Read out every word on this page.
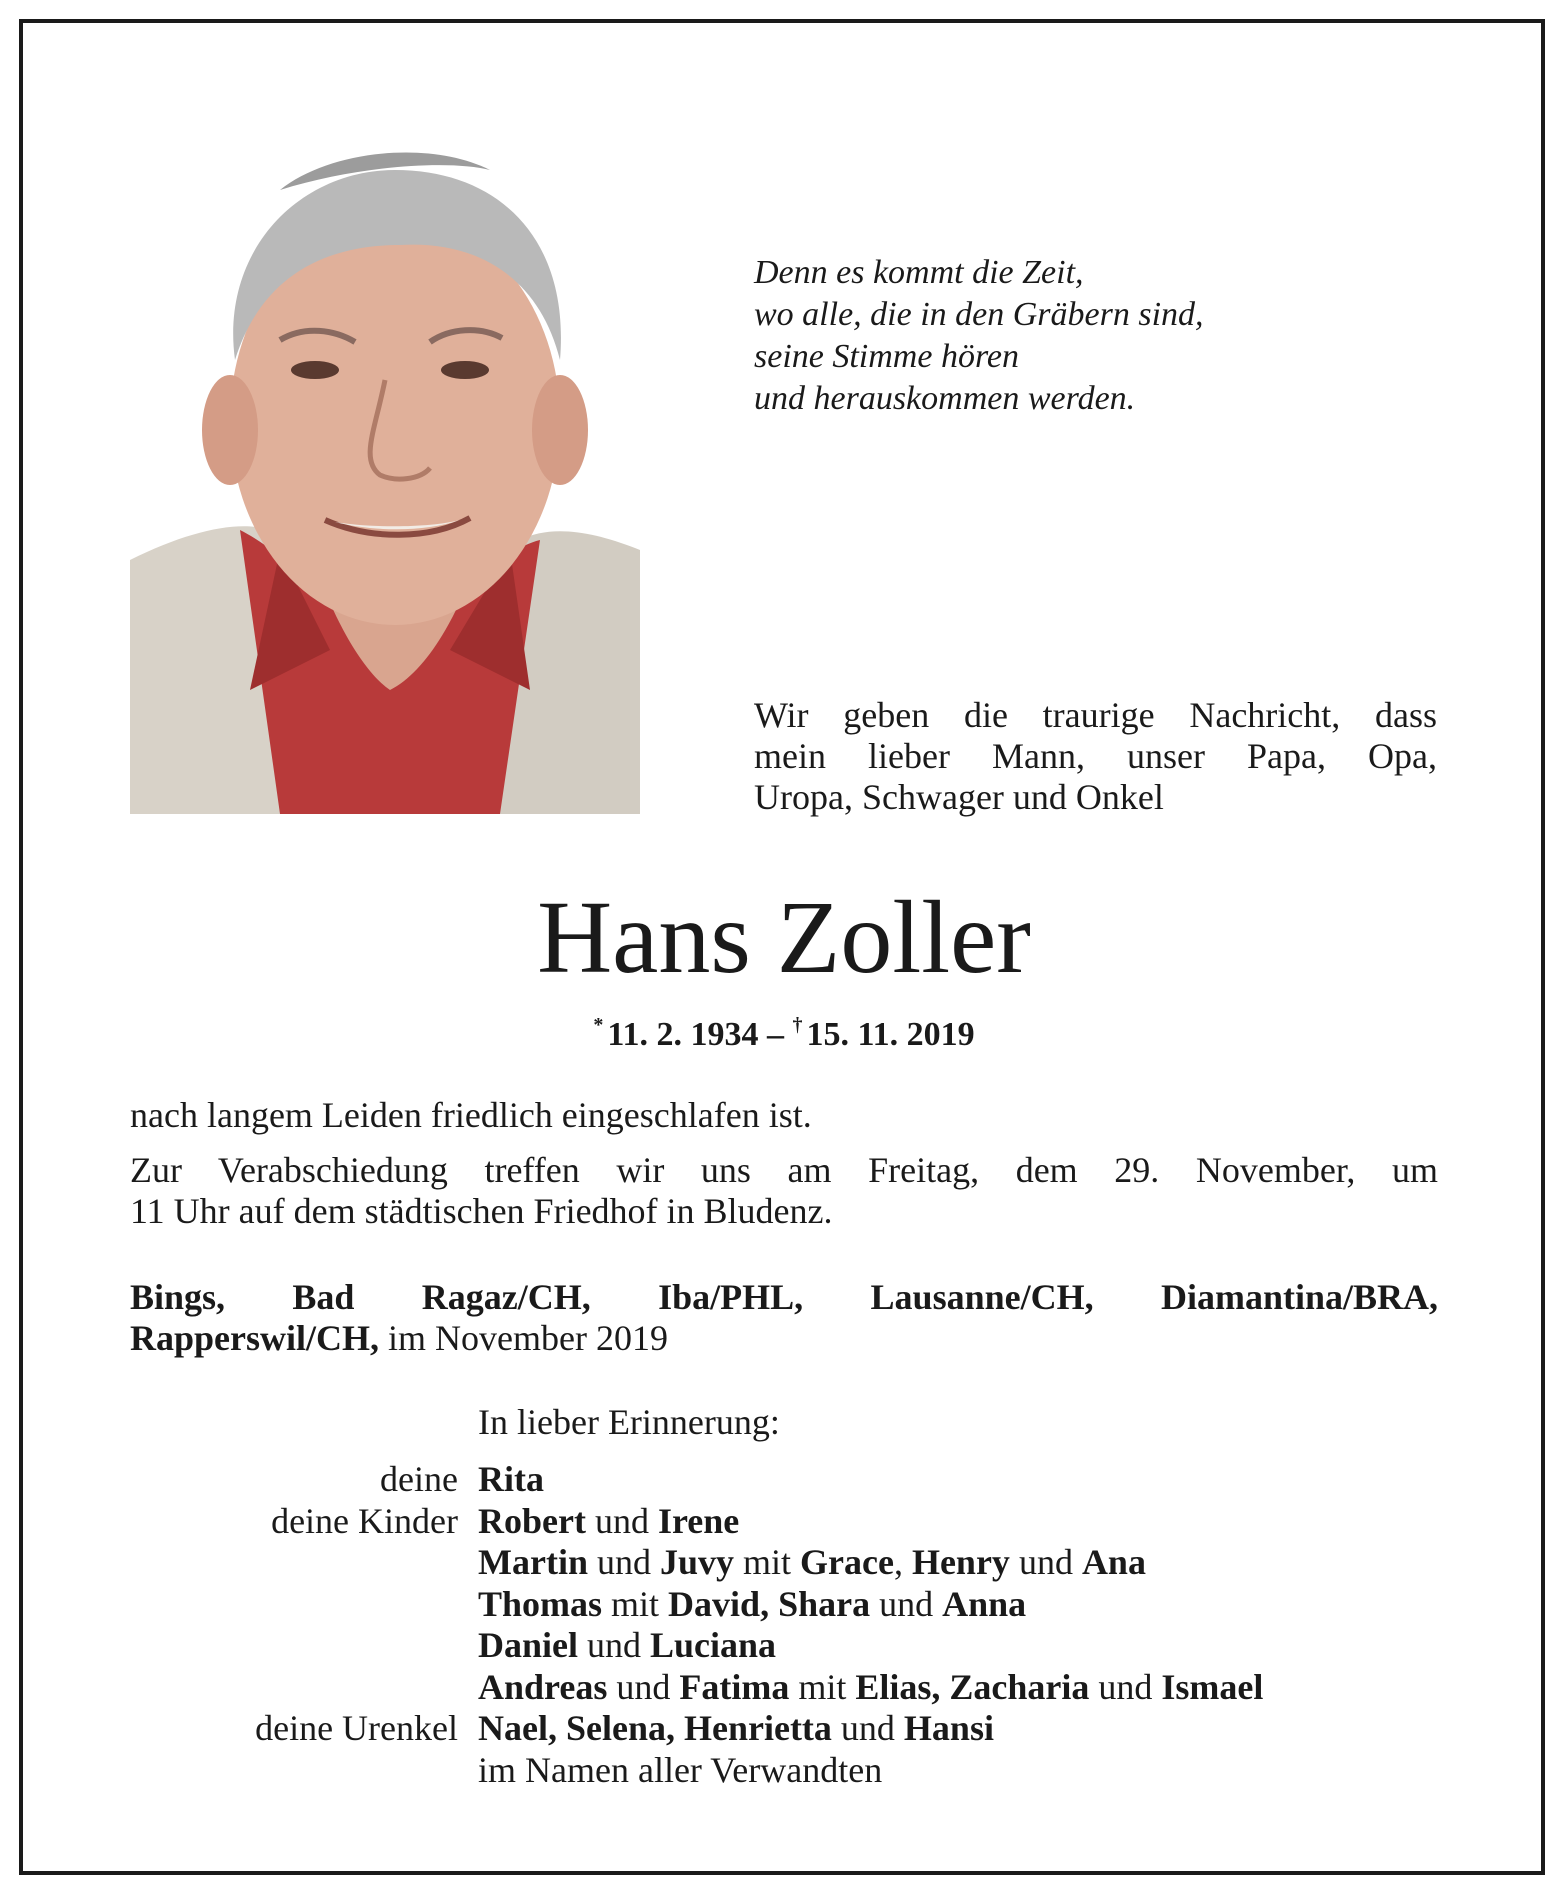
Denn es kommt die Zeit,
wo alle, die in den Gräbern sind,
seine Stimme hören
und herauskommen werden.
Wir geben die traurige Nachricht, dass
mein lieber Mann, unser Papa, Opa,
Uropa, Schwager und Onkel
Hans Zoller
* 11. 2. 1934 – † 15. 11. 2019
nach langem Leiden friedlich eingeschlafen ist.
Zur Verabschiedung treffen wir uns am Freitag, dem 29. November, um
11 Uhr auf dem städtischen Friedhof in Bludenz.
Bings, Bad Ragaz/CH, Iba/PHL, Lausanne/CH, Diamantina/BRA,
Rapperswil/CH, im November 2019
In lieber Erinnerung:
deine Rita
deine Kinder Robert und Irene
Martin und Juvy mit Grace, Henry und Ana
Thomas mit David, Shara und Anna
Daniel und Luciana
Andreas und Fatima mit Elias, Zacharia und Ismael
deine Urenkel Nael, Selena, Henrietta und Hansi
im Namen aller Verwandten
